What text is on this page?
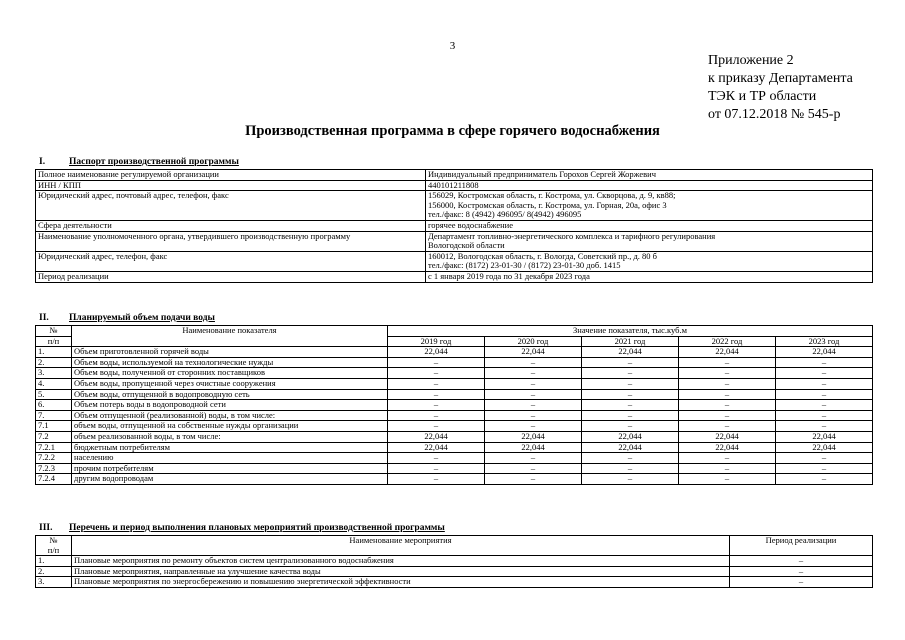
3
Приложение 2
к приказу Департамента
ТЭК и ТР области
от 07.12.2018 № 545-р
Производственная программа в сфере горячего водоснабжения
I.	Паспорт производственной программы
Полное наименование регулируемой организации	Индивидуальный предприниматель Горохов Сергей Жоржевич

ИНН / КПП	440101211808

Юридический адрес, почтовый адрес, телефон, факс	156029, Костромская область, г. Кострома, ул. Скворцова, д. 9, кв88;
156000, Костромская область, г. Кострома, ул. Горная, 20а, офис 3
тел./факс: 8 (4942) 496095/ 8(4942) 496095

Сфера деятельности	горячее водоснабжение

Наименование уполномоченного органа, утвердившего производственную программу	Департамент топливно-энергетического комплекса и тарифного регулирования
Вологодской области

Юридический адрес, телефон, факс	160012, Вологодская область, г. Вологда, Советский пр., д. 80 б
тел./факс: (8172) 23-01-30 / (8172) 23-01-30 доб. 1415

Период реализации	с 1 января 2019 года по 31 декабря 2023 года
II. Планируемый объем подачи воды
№	Наименование показателя	Значение показателя, тыс.куб.м				
п/п		2019 год	2020 год	2021 год	2022 год	2023 год
1.	Объем приготовленной горячей воды	22,044	22,044	22,044	22,044	22,044
2.	Объем воды, используемой на технологические нужды	–	–	–	–	–
3.	Объем воды, полученной от сторонних поставщиков	–	–	–	–	–
4.	Объем воды, пропущенной через очистные сооружения	–	–	–	–	–
5.	Объем воды, отпущенной в водопроводную сеть	–	–	–	–	–
6.	Объем потерь воды в водопроводной сети	–	–	–	–	–
7.	Объем отпущенной (реализованной) воды, в том числе:	–	–	–	–	–
7.1	объем воды, отпущенной на собственные нужды организации	–	–	–	–	–
7.2	объем реализованной воды, в том числе:	22,044	22,044	22,044	22,044	22,044
7.2.1	бюджетным потребителям	22,044	22,044	22,044	22,044	22,044
7.2.2	населению	–	–	–	–	–
7.2.3	прочим потребителям	–	–	–	–	–
7.2.4	другим водопроводам	–	–	–	–	–
III. Перечень и период выполнения плановых мероприятий производственной программы
№
п/п	Наименование мероприятия	Период реализации
1.	Плановые мероприятия по ремонту объектов систем централизованного водоснабжения	–
2.	Плановые мероприятия, направленные на улучшение качества воды	–
3.	Плановые мероприятия по энергосбережению и повышению энергетической эффективности	–
